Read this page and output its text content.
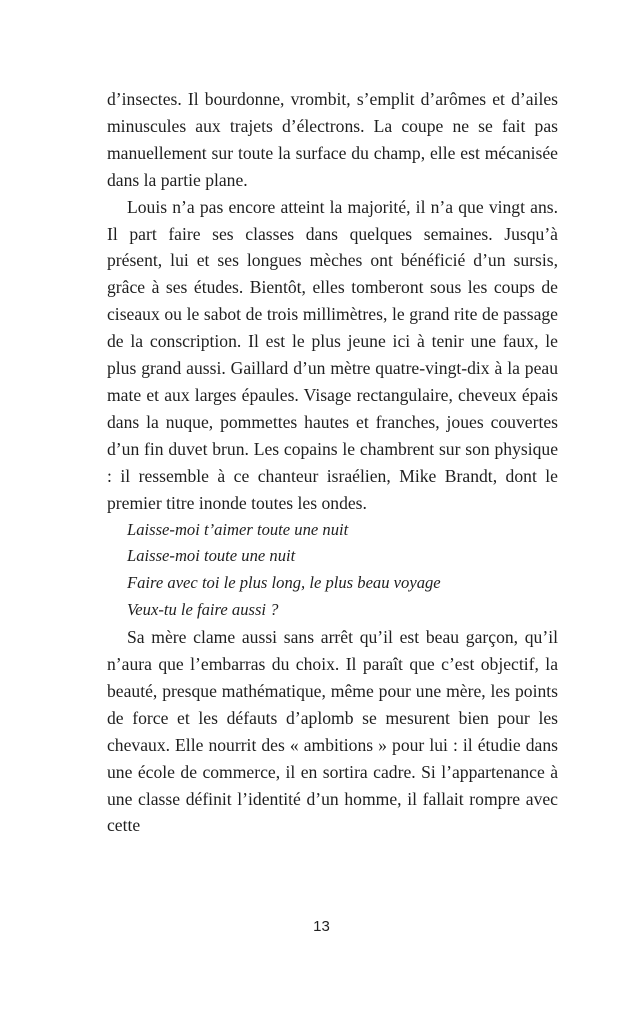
d’insectes. Il bourdonne, vrombit, s’emplit d’arômes et d’ailes minuscules aux trajets d’électrons. La coupe ne se fait pas manuellement sur toute la surface du champ, elle est mécanisée dans la partie plane.

Louis n’a pas encore atteint la majorité, il n’a que vingt ans. Il part faire ses classes dans quelques semaines. Jusqu’à présent, lui et ses longues mèches ont bénéficié d’un sursis, grâce à ses études. Bientôt, elles tomberont sous les coups de ciseaux ou le sabot de trois millimètres, le grand rite de passage de la conscription. Il est le plus jeune ici à tenir une faux, le plus grand aussi. Gaillard d’un mètre quatre-vingt-dix à la peau mate et aux larges épaules. Visage rectangulaire, cheveux épais dans la nuque, pommettes hautes et franches, joues couvertes d’un fin duvet brun. Les copains le chambrent sur son physique : il ressemble à ce chanteur israélien, Mike Brandt, dont le premier titre inonde toutes les ondes.

Laisse-moi t’aimer toute une nuit

Laisse-moi toute une nuit

Faire avec toi le plus long, le plus beau voyage

Veux-tu le faire aussi ?

Sa mère clame aussi sans arrêt qu’il est beau garçon, qu’il n’aura que l’embarras du choix. Il paraît que c’est objectif, la beauté, presque mathématique, même pour une mère, les points de force et les défauts d’aplomb se mesurent bien pour les chevaux. Elle nourrit des « ambitions » pour lui : il étudie dans une école de commerce, il en sortira cadre. Si l’appartenance à une classe définit l’identité d’un homme, il fallait rompre avec cette

13
